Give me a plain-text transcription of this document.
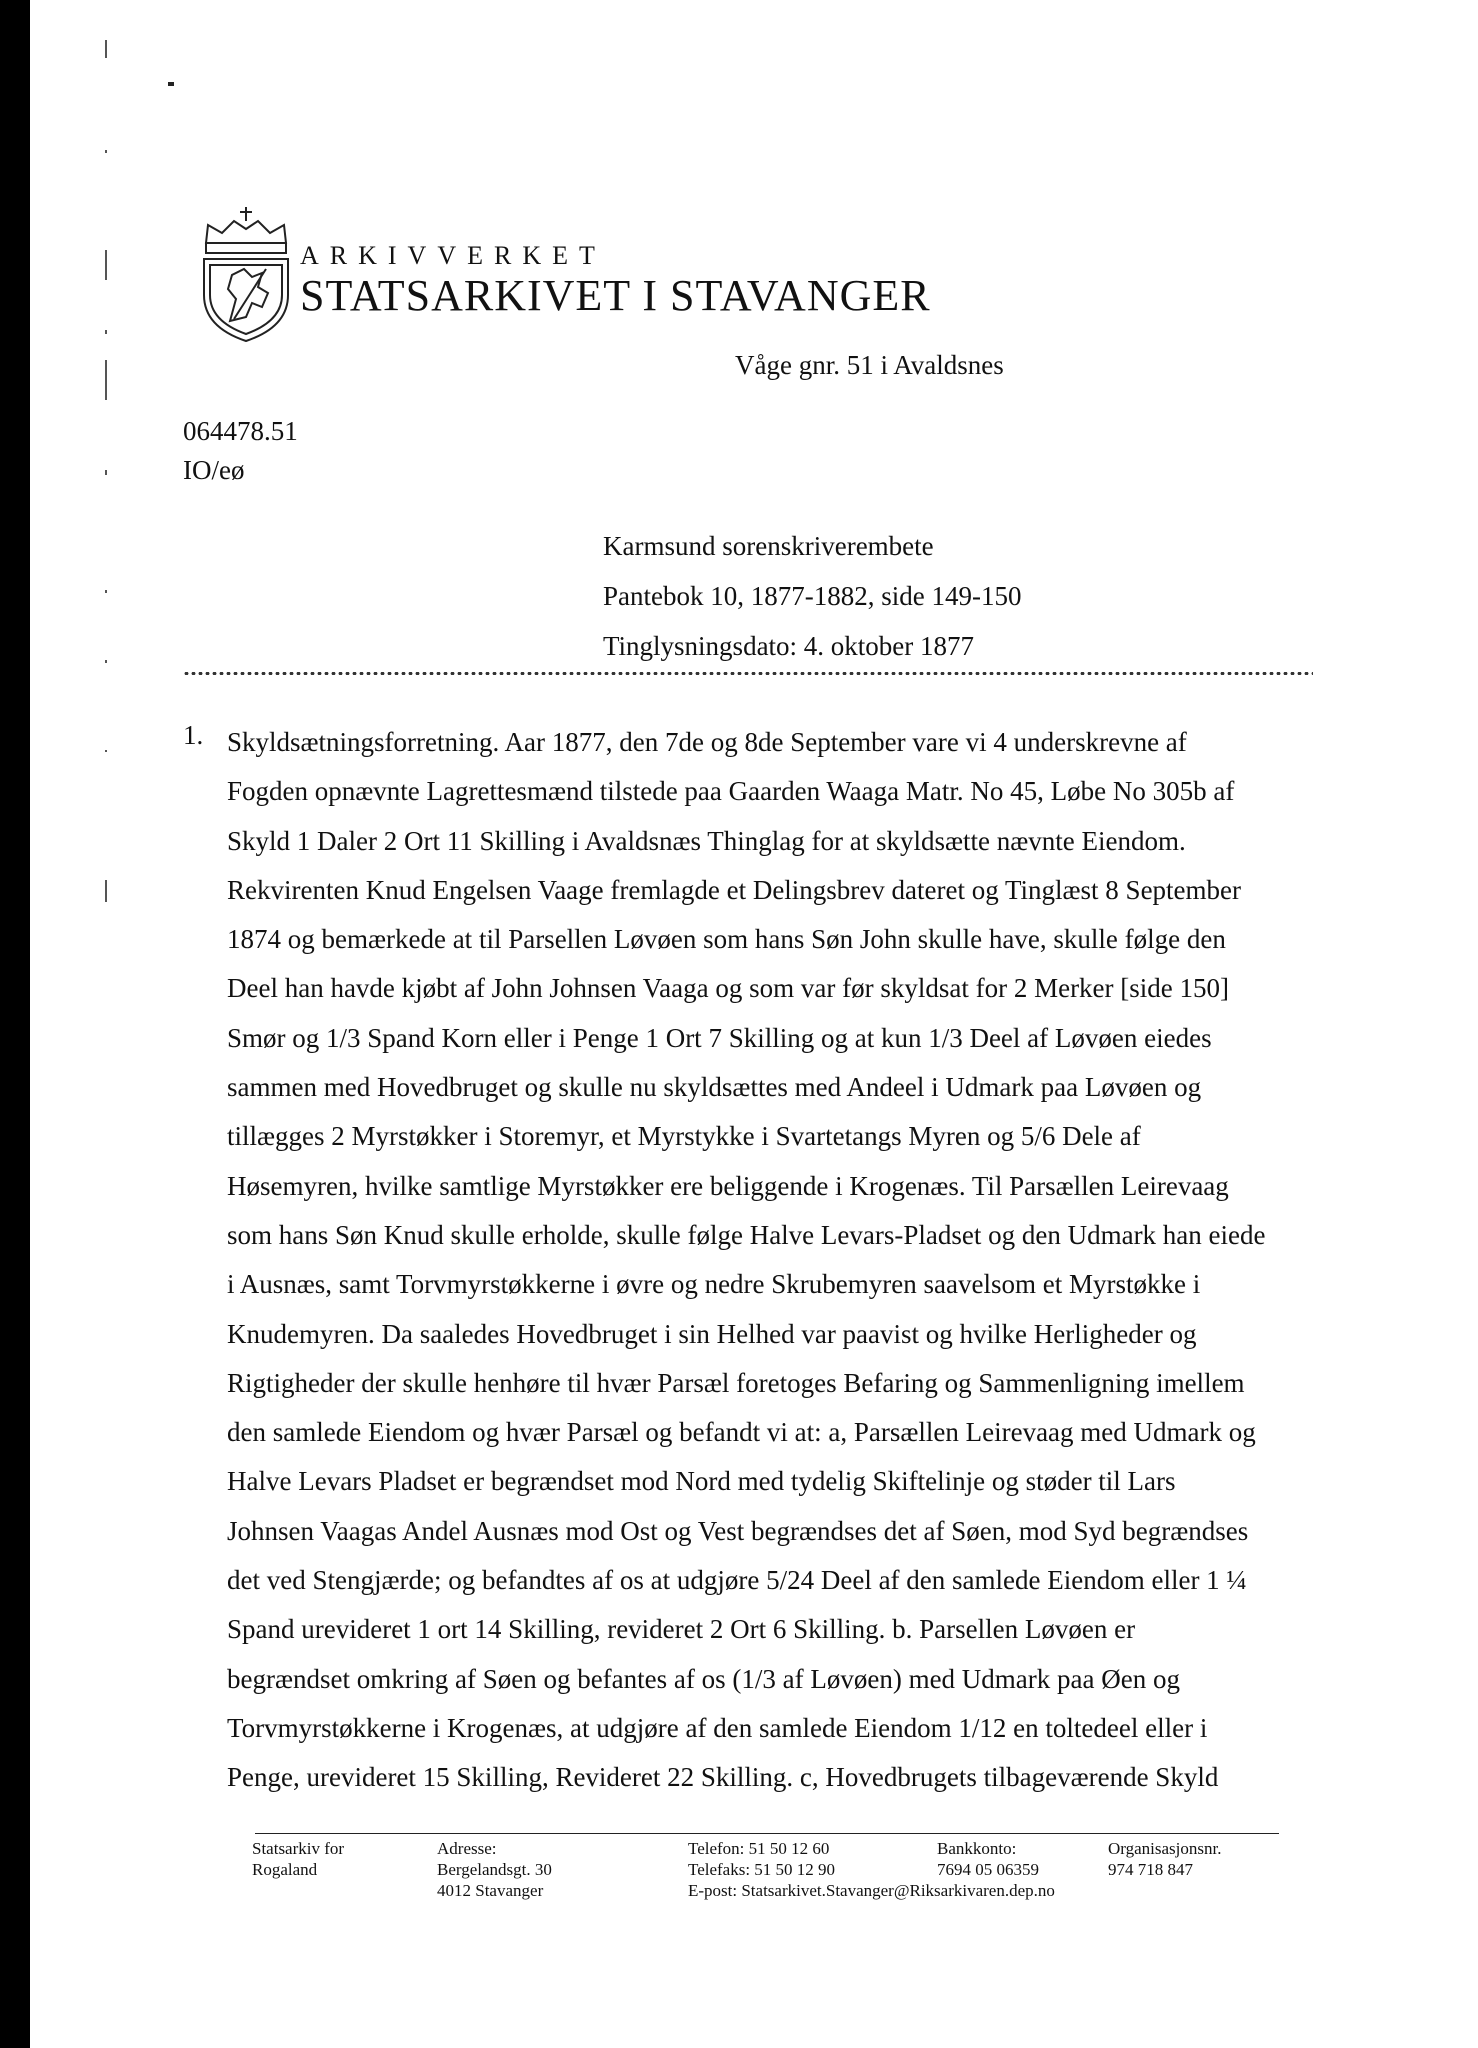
ARKIVVERKET
STATSARKIVET I STAVANGER
Våge gnr. 51 i Avaldsnes
064478.51
IO/eø
Karmsund sorenskriverembete
Pantebok 10, 1877-1882, side 149-150
Tinglysningsdato: 4. oktober 1877
1. Skyldsætningsforretning. Aar 1877, den 7de og 8de September vare vi 4 underskrevne af
Fogden opnævnte Lagrettesmænd tilstede paa Gaarden Waaga Matr. No 45, Løbe No 305b af
Skyld 1 Daler 2 Ort 11 Skilling i Avaldsnæs Thinglag for at skyldsætte nævnte Eiendom.
Rekvirenten Knud Engelsen Vaage fremlagde et Delingsbrev dateret og Tinglæst 8 September
1874 og bemærkede at til Parsellen Løvøen som hans Søn John skulle have, skulle følge den
Deel han havde kjøbt af John Johnsen Vaaga og som var før skyldsat for 2 Merker [side 150]
Smør og 1/3 Spand Korn eller i Penge 1 Ort 7 Skilling og at kun 1/3 Deel af Løvøen eiedes
sammen med Hovedbruget og skulle nu skyldsættes med Andeel i Udmark paa Løvøen og
tillægges 2 Myrstøkker i Storemyr, et Myrstykke i Svartetangs Myren og 5/6 Dele af
Høsemyren, hvilke samtlige Myrstøkker ere beliggende i Krogenæs. Til Parsællen Leirevaag
som hans Søn Knud skulle erholde, skulle følge Halve Levars-Pladset og den Udmark han eiede
i Ausnæs, samt Torvmyrstøkkerne i øvre og nedre Skrubemyren saavelsom et Myrstøkke i
Knudemyren. Da saaledes Hovedbruget i sin Helhed var paavist og hvilke Herligheder og
Rigtigheder der skulle henhøre til hvær Parsæl foretoges Befaring og Sammenligning imellem
den samlede Eiendom og hvær Parsæl og befandt vi at: a, Parsællen Leirevaag med Udmark og
Halve Levars Pladset er begrændset mod Nord med tydelig Skiftelinje og støder til Lars
Johnsen Vaagas Andel Ausnæs mod Ost og Vest begrændses det af Søen, mod Syd begrændses
det ved Stengjærde; og befandtes af os at udgjøre 5/24 Deel af den samlede Eiendom eller 1 ¼
Spand urevideret 1 ort 14 Skilling, revideret 2 Ort 6 Skilling. b. Parsellen Løvøen er
begrændset omkring af Søen og befantes af os (1/3 af Løvøen) med Udmark paa Øen og
Torvmyrstøkkerne i Krogenæs, at udgjøre af den samlede Eiendom 1/12 en toltedeel eller i
Penge, urevideret 15 Skilling, Revideret 22 Skilling. c, Hovedbrugets tilbageværende Skyld
Statsarkiv for
Rogaland
Adresse:
Bergelandsgt. 30
4012 Stavanger
Telefon: 51 50 12 60
Telefaks: 51 50 12 90
E-post: Statsarkivet.Stavanger@Riksarkivaren.dep.no
Bankkonto:
7694 05 06359
Organisasjonsnr.
974 718 847
